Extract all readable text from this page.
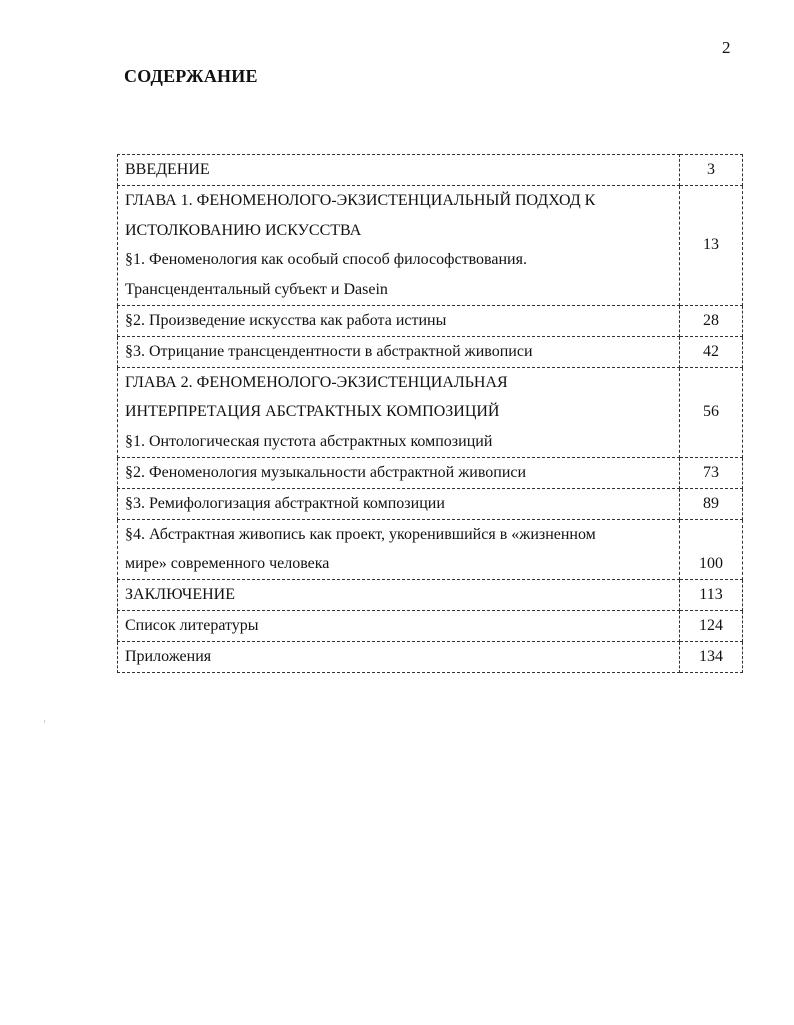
2
СОДЕРЖАНИЕ
ВВЕДЕНИЕ	3

ГЛАВА 1. ФЕНОМЕНОЛОГО-ЭКЗИСТЕНЦИАЛЬНЫЙ ПОДХОД К
ИСТОЛКОВАНИЮ ИСКУССТВА
§1. Феноменология как особый способ философствования.
Трансцендентальный субъект и Dasein	13
§2. Произведение искусства как работа истины	28
§3. Отрицание трансцендентности в абстрактной живописи	42

ГЛАВА 2. ФЕНОМЕНОЛОГО-ЭКЗИСТЕНЦИАЛЬНАЯ
ИНТЕРПРЕТАЦИЯ АБСТРАКТНЫХ КОМПОЗИЦИЙ
§1. Онтологическая пустота абстрактных композиций	56
§2. Феноменология музыкальности абстрактной живописи	73
§3. Ремифологизация абстрактной композиции	89

§4. Абстрактная живопись как проект, укоренившийся в «жизненном
мире» современного человека	100
ЗАКЛЮЧЕНИЕ	113
Список литературы	124
Приложения	134
